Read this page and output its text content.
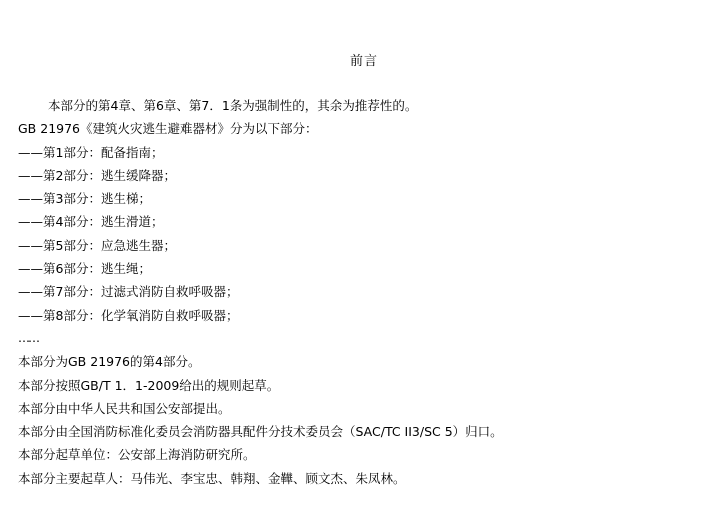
前言
本部分的第4章、第6章、第7．1条为强制性的，其余为推荐性的。
GB 21976《建筑火灾逃生避难器材》分为以下部分：
——第1部分：配备指南；
——第2部分：逃生缓降器；
——第3部分：逃生梯；
——第4部分：逃生滑道；
——第5部分：应急逃生器；
——第6部分：逃生绳；
——第7部分：过滤式消防自救呼吸器；
——第8部分：化学氧消防自救呼吸器；
……
本部分为GB 21976的第4部分。
本部分按照GB/T 1．1-2009给出的规则起草。
本部分由中华人民共和国公安部提出。
本部分由全国消防标准化委员会消防器具配件分技术委员会（SAC/TC II3/SC 5）归口。
本部分起草单位：公安部上海消防研究所。
本部分主要起草人：马伟光、李宝忠、韩翔、金鞾、顾文杰、朱凤林。
